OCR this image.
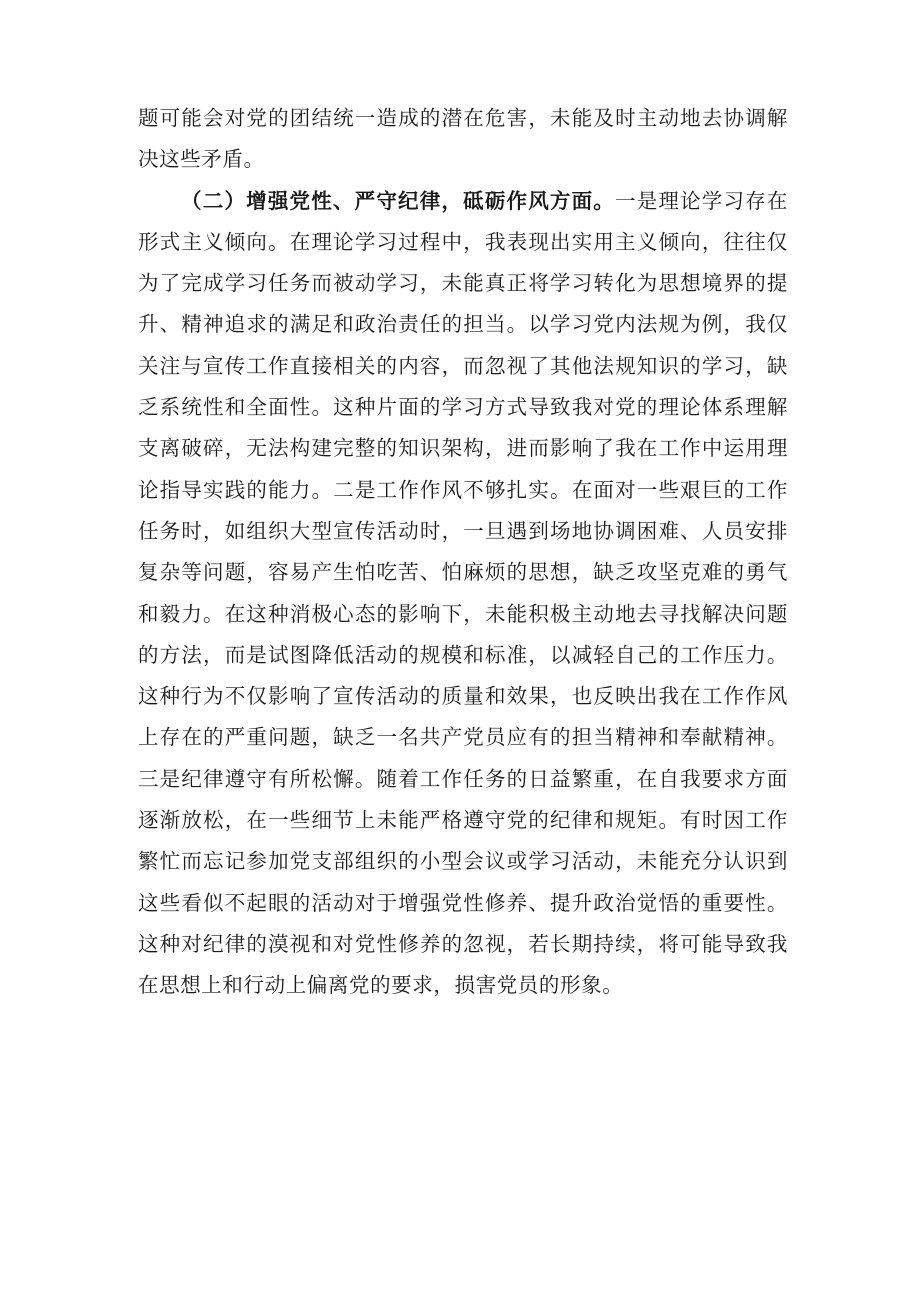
题可能会对党的团结统一造成的潜在危害，未能及时主动地去协调解决这些矛盾。

（二）增强党性、严守纪律，砥砺作风方面。一是理论学习存在形式主义倾向。在理论学习过程中，我表现出实用主义倾向，往往仅为了完成学习任务而被动学习，未能真正将学习转化为思想境界的提升、精神追求的满足和政治责任的担当。以学习党内法规为例，我仅关注与宣传工作直接相关的内容，而忽视了其他法规知识的学习，缺乏系统性和全面性。这种片面的学习方式导致我对党的理论体系理解支离破碎，无法构建完整的知识架构，进而影响了我在工作中运用理论指导实践的能力。二是工作作风不够扎实。在面对一些艰巨的工作任务时，如组织大型宣传活动时，一旦遇到场地协调困难、人员安排复杂等问题，容易产生怕吃苦、怕麻烦的思想，缺乏攻坚克难的勇气和毅力。在这种消极心态的影响下，未能积极主动地去寻找解决问题的方法，而是试图降低活动的规模和标准，以减轻自己的工作压力。这种行为不仅影响了宣传活动的质量和效果，也反映出我在工作作风上存在的严重问题，缺乏一名共产党员应有的担当精神和奉献精神。三是纪律遵守有所松懈。随着工作任务的日益繁重，在自我要求方面逐渐放松，在一些细节上未能严格遵守党的纪律和规矩。有时因工作繁忙而忘记参加党支部组织的小型会议或学习活动，未能充分认识到这些看似不起眼的活动对于增强党性修养、提升政治觉悟的重要性。这种对纪律的漠视和对党性修养的忽视，若长期持续，将可能导致我在思想上和行动上偏离党的要求，损害党员的形象。
